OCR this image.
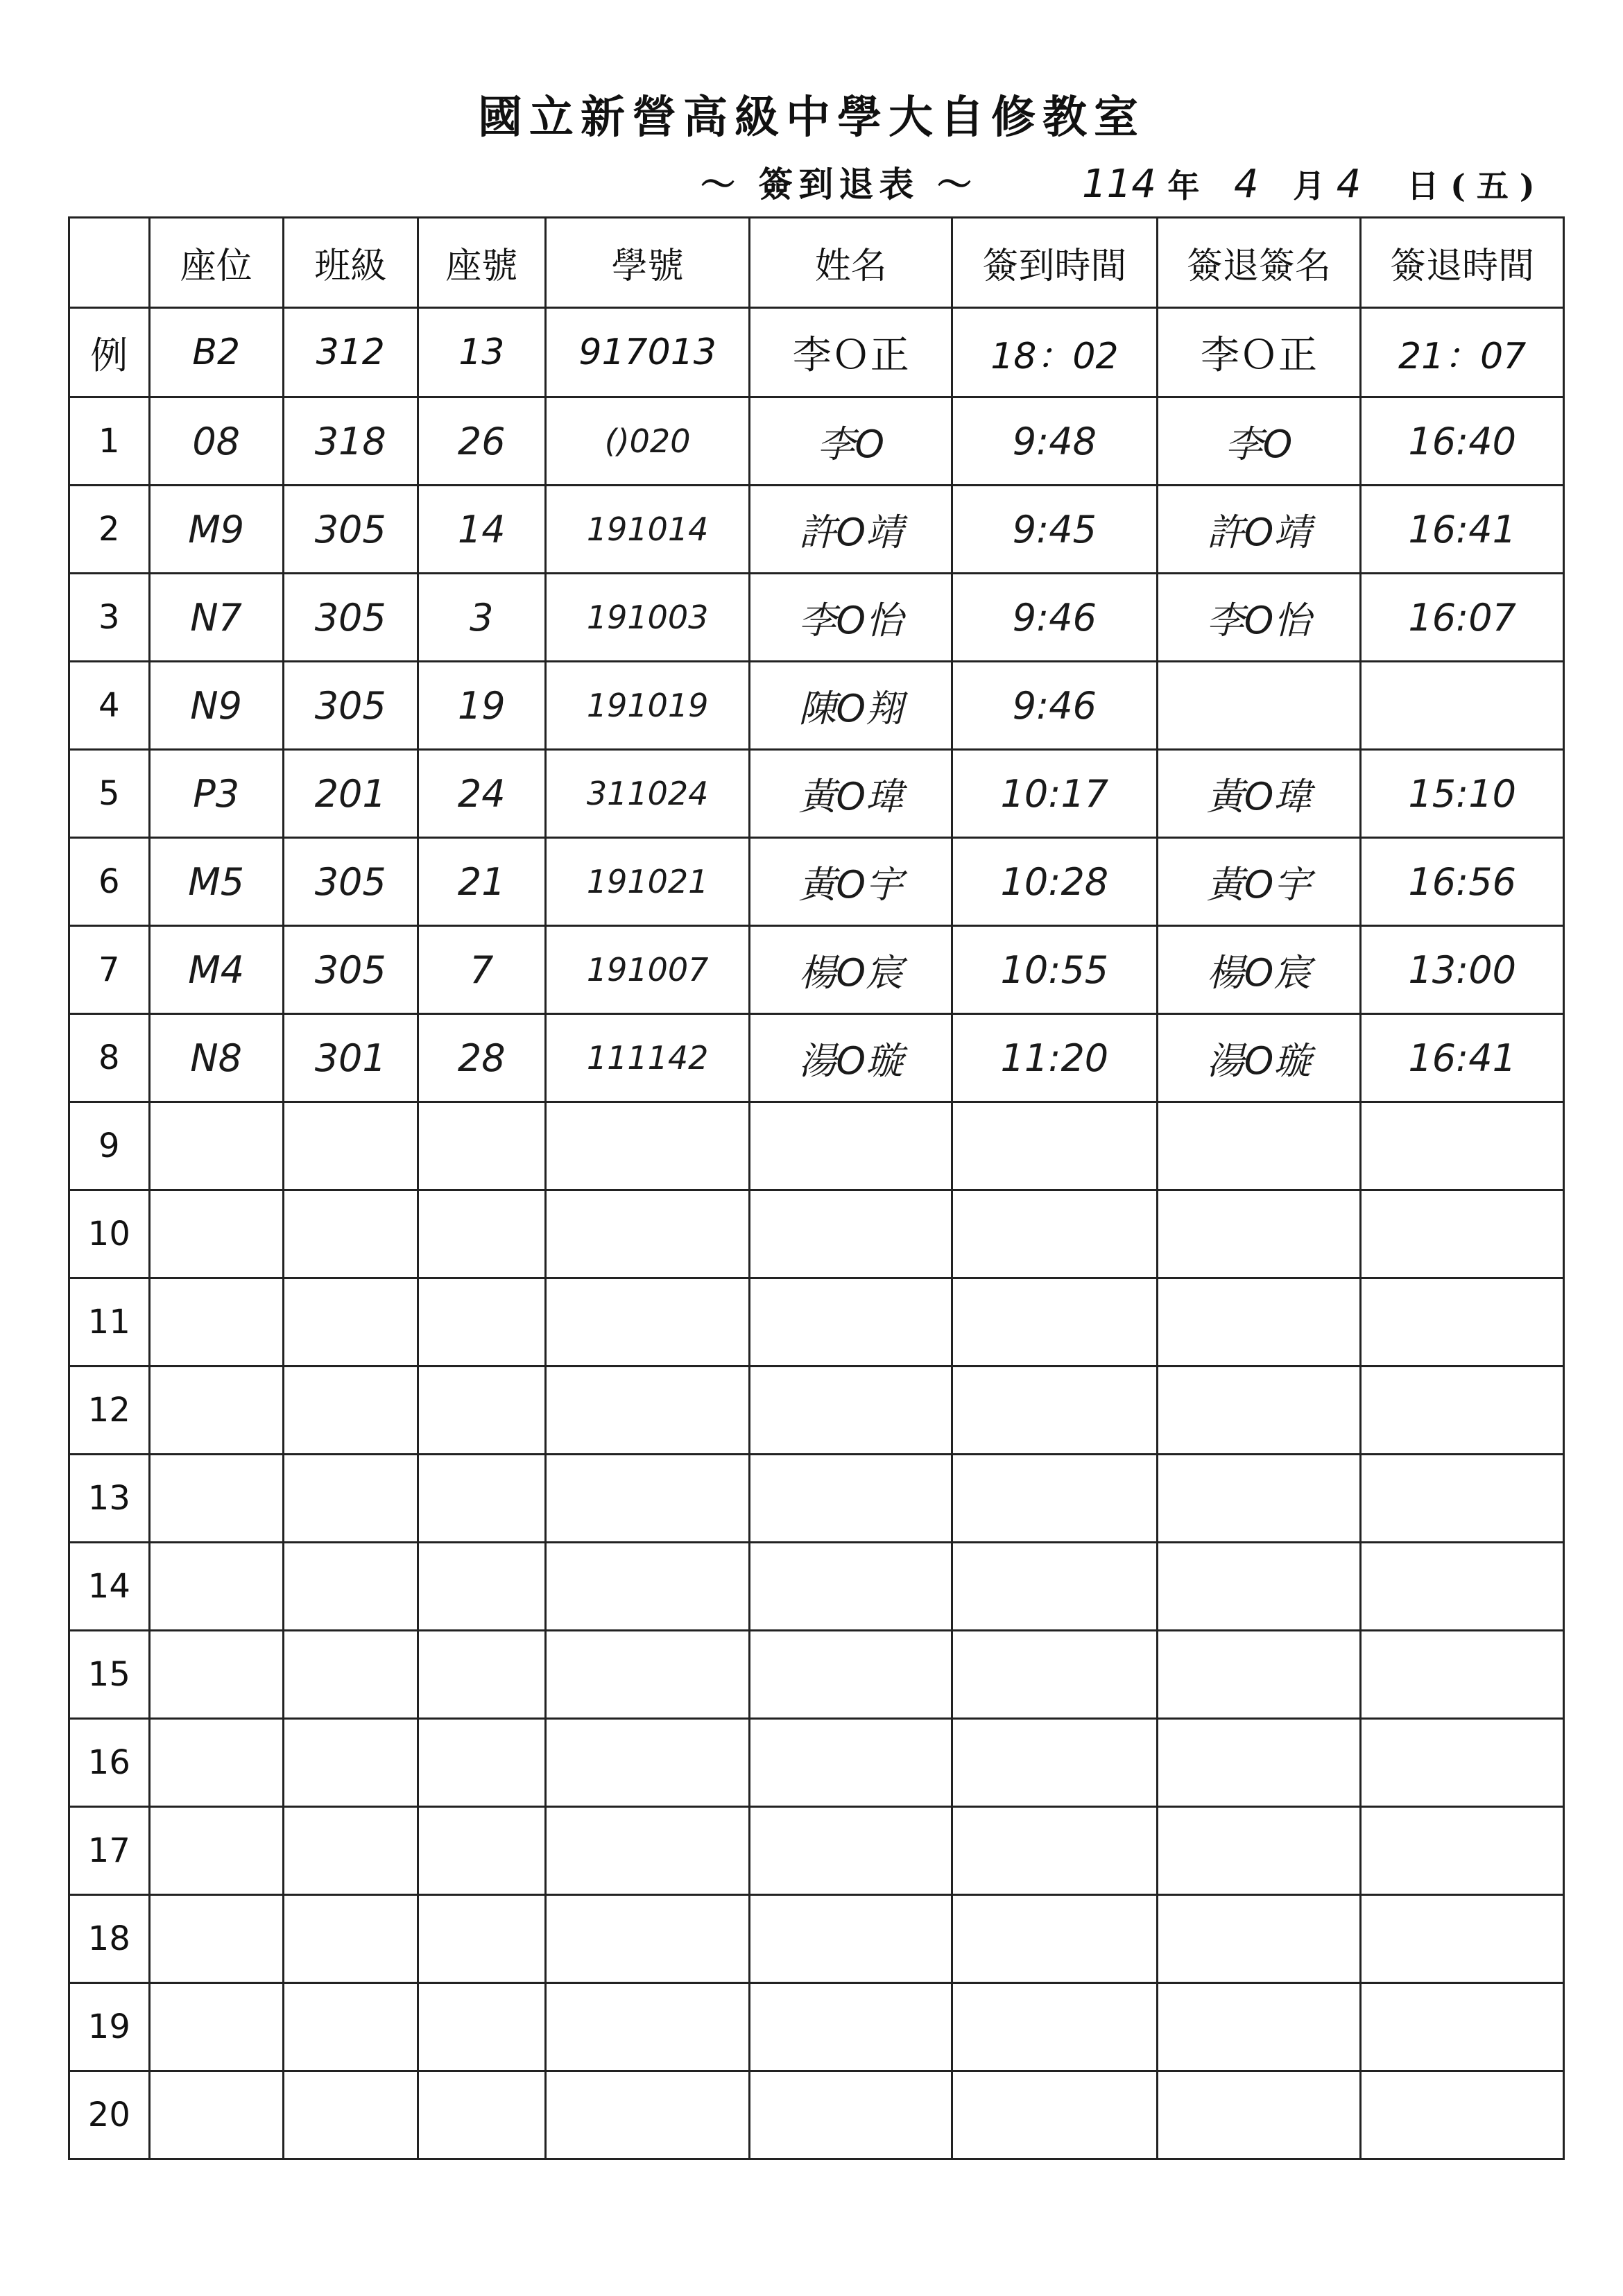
國立新營高級中學大自修教室
～ 簽到退表 ～	114 年 4 月 4 日 ( 五 )
	座位	班級	座號	學號	姓名	簽到時間	簽退簽名	簽退時間
例	B2	312	13	917013	李Ｏ正	18：02	李Ｏ正	21：07
1	08	318	26	()020	李O	9:48	李O	16:40
2	M9	305	14	191014	許O靖	9:45	許O靖	16:41
3	N7	305	3	191003	李O怡	9:46	李O怡	16:07
4	N9	305	19	191019	陳O翔	9:46		
5	P3	201	24	311024	黃O瑋	10:17	黃O瑋	15:10
6	M5	305	21	191021	黃O宇	10:28	黃O宇	16:56
7	M4	305	7	191007	楊O宸	10:55	楊O宸	13:00
8	N8	301	28	111142	湯O璇	11:20	湯O璇	16:41
9								
10								
11								
12								
13								
14								
15								
16								
17								
18								
19								
20								
